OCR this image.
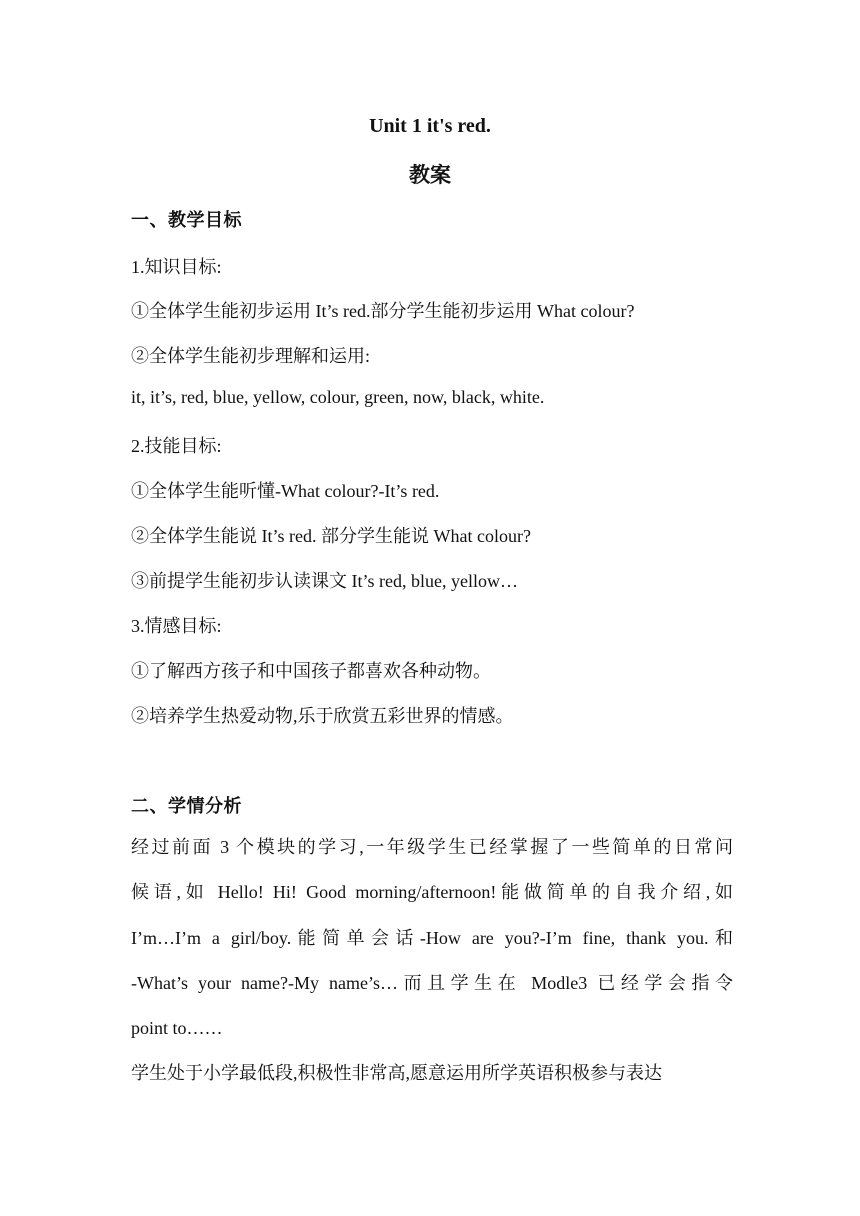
Unit 1 it's red.
教案
一、教学目标
1.知识目标:
①全体学生能初步运用 It’s red.部分学生能初步运用 What colour?
②全体学生能初步理解和运用:
it, it’s, red, blue, yellow, colour, green, now, black, white.
2.技能目标:
①全体学生能听懂-What colour?-It’s red.
②全体学生能说 It’s red. 部分学生能说 What colour?
③前提学生能初步认读课文 It’s red, blue, yellow…
3.情感目标:
①了解西方孩子和中国孩子都喜欢各种动物。
②培养学生热爱动物,乐于欣赏五彩世界的情感。
二、学情分析
经过前面 3 个模块的学习,一年级学生已经掌握了一些简单的日常问
候语,如 Hello! Hi! Good morning/afternoon!能做简单的自我介绍,如
I’m…I’m a girl/boy.能简单会话-How are you?-I’m fine, thank you.和
-What’s your name?-My name’s…而且学生在 Modle3 已经学会指令
point to……
学生处于小学最低段,积极性非常高,愿意运用所学英语积极参与表达
